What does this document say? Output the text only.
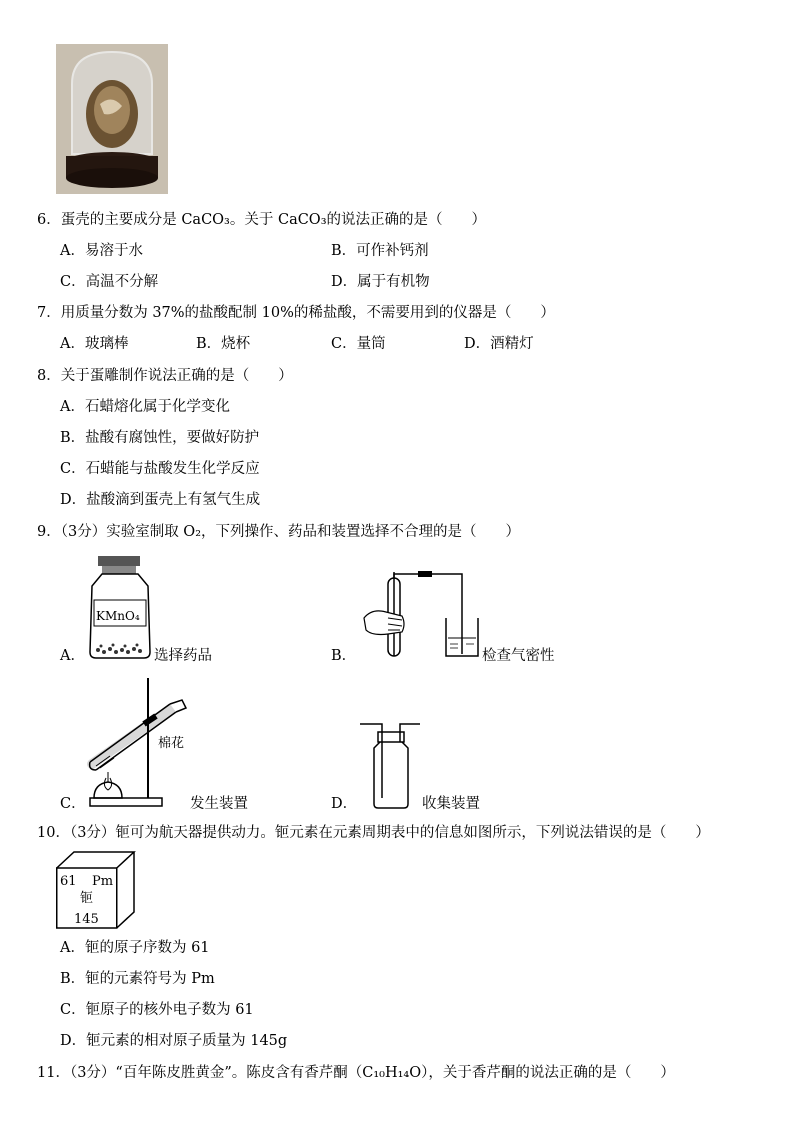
6．蛋壳的主要成分是 CaCO₃。关于 CaCO₃的说法正确的是（　　）
A．易溶于水	B．可作补钙剂
C．高温不分解	D．属于有机物
7．用质量分数为 37%的盐酸配制 10%的稀盐酸，不需要用到的仪器是（　　）
A．玻璃棒	B．烧杯	C．量筒	D．酒精灯
8．关于蛋雕制作说法正确的是（　　）
A．石蜡熔化属于化学变化
B．盐酸有腐蚀性，要做好防护
C．石蜡能与盐酸发生化学反应
D．盐酸滴到蛋壳上有氢气生成
9．（3分）实验室制取 O₂，下列操作、药品和装置选择不合理的是（　　）
KMnO₄
A．	选择药品	B．	检查气密性
棉花
C．	发生装置	D．	收集装置
10．（3分）钷可为航天器提供动力。钷元素在元素周期表中的信息如图所示，下列说法错误的是（　　）
61 Pm
钷
145
A．钷的原子序数为 61
B．钷的元素符号为 Pm
C．钷原子的核外电子数为 61
D．钷元素的相对原子质量为 145g
11．（3分）“百年陈皮胜黄金”。陈皮含有香芹酮（C₁₀H₁₄O），关于香芹酮的说法正确的是（　　）
